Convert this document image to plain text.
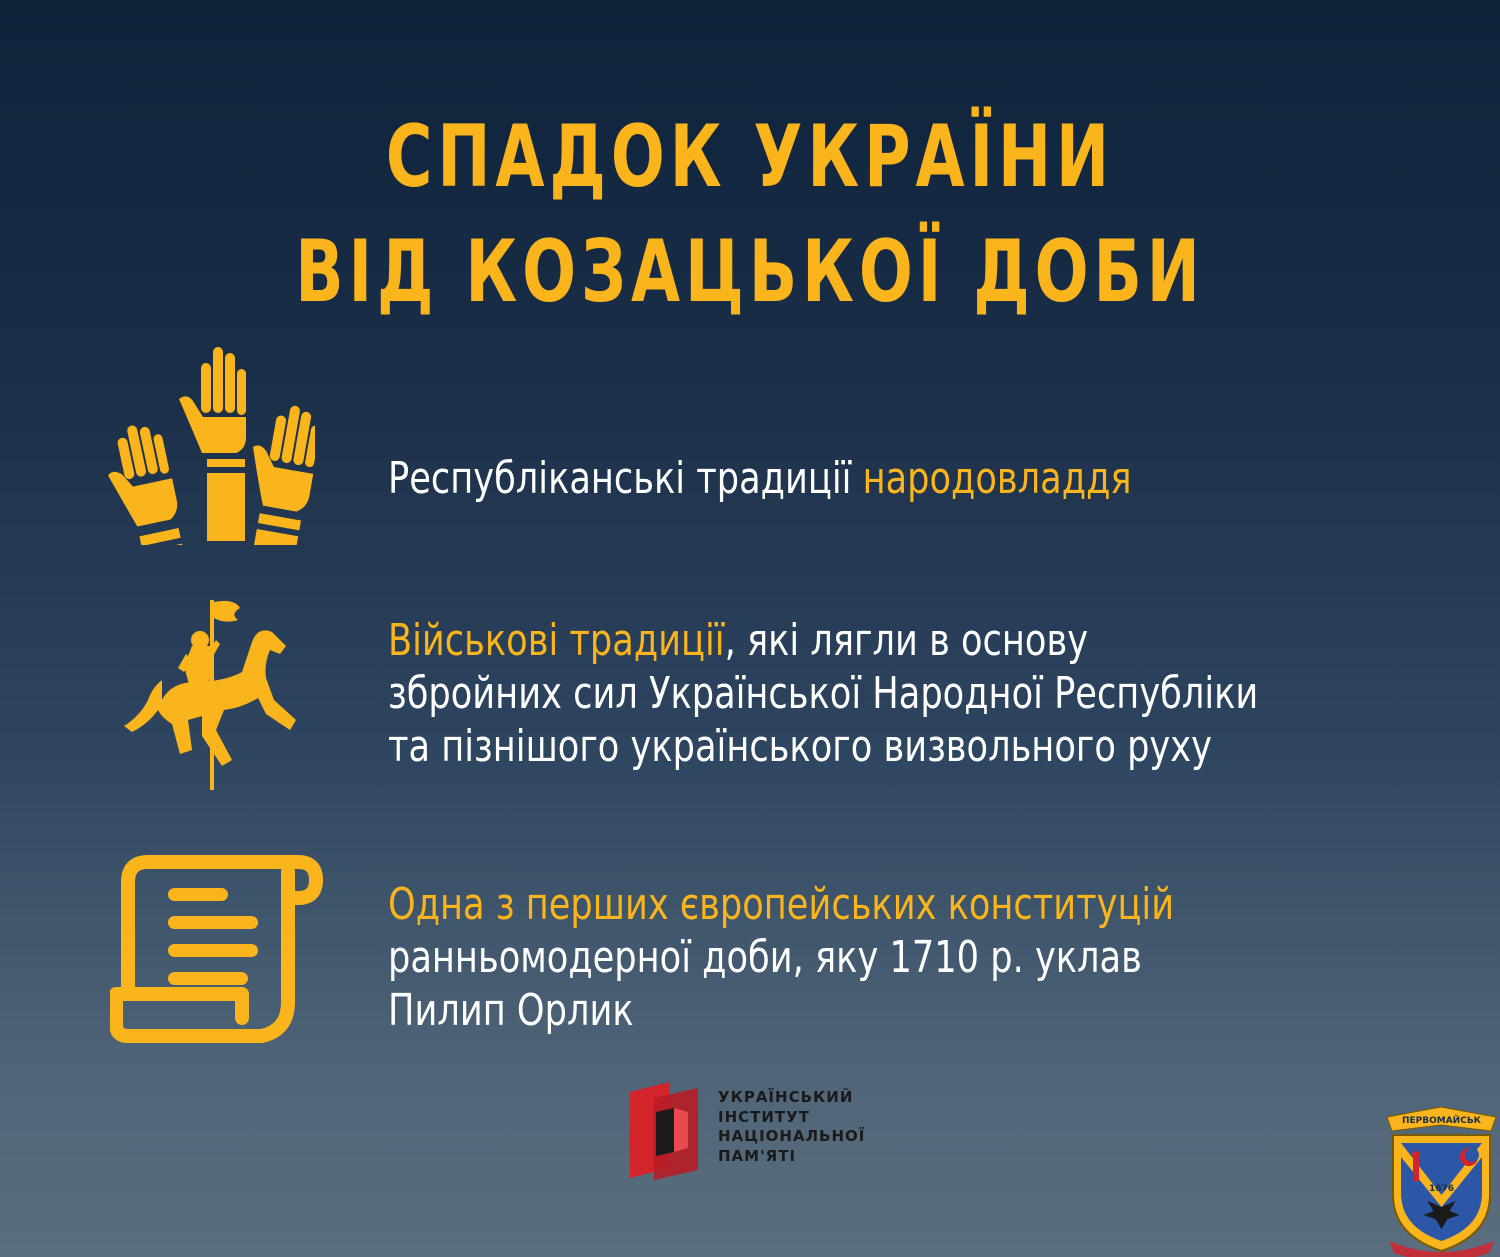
СПАДОК УКРАЇНИ
ВІД КОЗАЦЬКОЇ ДОБИ
Республіканські традиції народовладдя
Військові традиції, які лягли в основу
збройних сил Української Народної Республіки
та пізнішого українського визвольного руху
Одна з перших європейських конституцій
ранньомодерної доби, яку 1710 р. уклав
Пилип Орлик
УКРАЇНСЬКИЙ
ІНСТИТУТ
НАЦІОНАЛЬНОЇ
ПАМ'ЯТІ
ПЕРВОМАЙСЬК
1676
